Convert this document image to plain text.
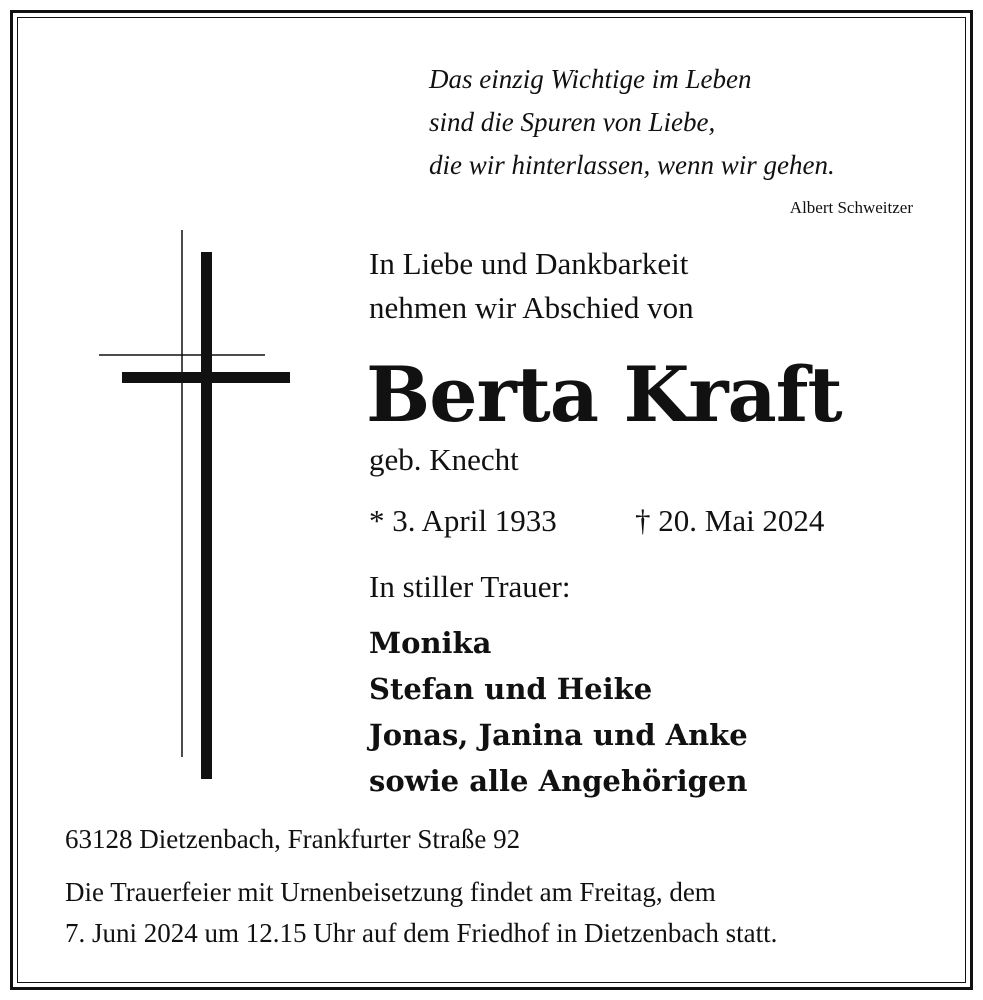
Das einzig Wichtige im Leben
sind die Spuren von Liebe,
die wir hinterlassen, wenn wir gehen.
Albert Schweitzer
In Liebe und Dankbarkeit
nehmen wir Abschied von
Berta Kraft
geb. Knecht
* 3. April 1933	† 20. Mai 2024
In stiller Trauer:
Monika
Stefan und Heike
Jonas, Janina und Anke
sowie alle Angehörigen
63128 Dietzenbach, Frankfurter Straße 92
Die Trauerfeier mit Urnenbeisetzung findet am Freitag, dem
7. Juni 2024 um 12.15 Uhr auf dem Friedhof in Dietzenbach statt.
